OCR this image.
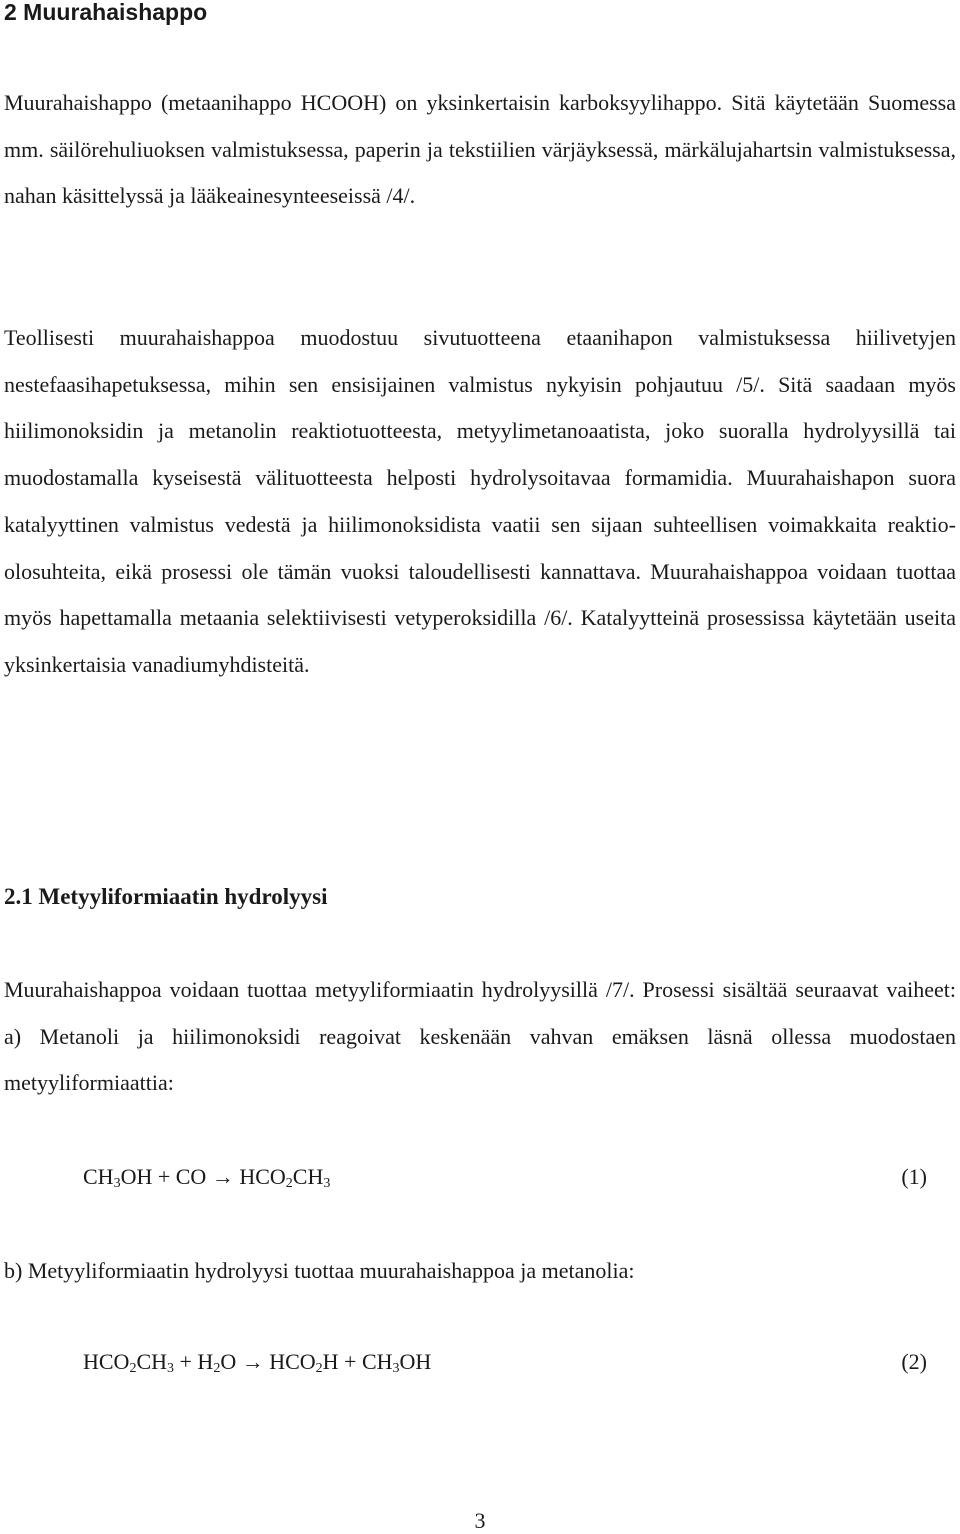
2 Muurahaishappo

Muurahaishappo (metaanihappo HCOOH) on yksinkertaisin karboksyylihappo. Sitä käytetään Suomessa mm. säilörehuliuoksen valmistuksessa, paperin ja tekstiilien värjäyksessä, märkälujahartsin valmistuksessa, nahan käsittelyssä ja lääkeainesynteeseissä /4/.

Teollisesti muurahaishappoa muodostuu sivutuotteena etaanihapon valmistuksessa hiilivetyjen nestefaasihapetuksessa, mihin sen ensisijainen valmistus nykyisin pohjautuu /5/. Sitä saadaan myös hiilimonoksidin ja metanolin reaktiotuotteesta, metyylimetanoaatista, joko suoralla hydrolyysillä tai muodostamalla kyseisestä välituotteesta helposti hydrolysoitavaa formamidia. Muurahaishapon suora katalyyttinen valmistus vedestä ja hiilimonoksidista vaatii sen sijaan suhteellisen voimakkaita reaktio-olosuhteita, eikä prosessi ole tämän vuoksi taloudellisesti kannattava. Muurahaishappoa voidaan tuottaa myös hapettamalla metaania selektiivisesti vetyperoksidilla /6/. Katalyytteinä prosessissa käytetään useita yksinkertaisia vanadiumyhdisteitä.

2.1 Metyyliformiaatin hydrolyysi

Muurahaishappoa voidaan tuottaa metyyliformiaatin hydrolyysillä /7/. Prosessi sisältää seuraavat vaiheet: a) Metanoli ja hiilimonoksidi reagoivat keskenään vahvan emäksen läsnä ollessa muodostaen metyyliformiaattia:

$CH_3OH$ + CO → $HCO_2CH_3$	(1)

b) Metyyliformiaatin hydrolyysi tuottaa muurahaishappoa ja metanolia:

$HCO_2CH_3 + H_2O \to HCO_2H + CH_3OH$	(2)
3
